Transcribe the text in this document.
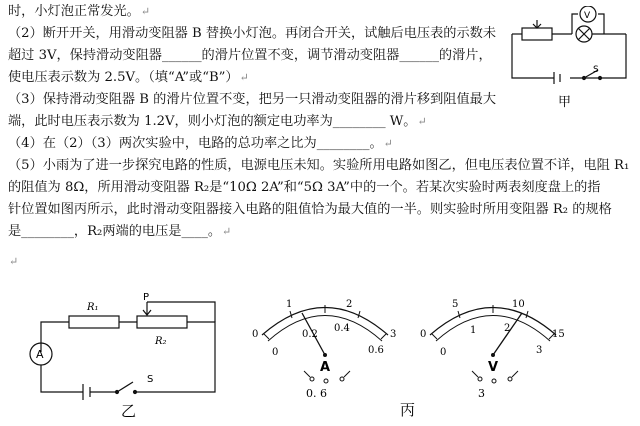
时，小灯泡正常发光。↵
（2）断开开关，用滑动变阻器 B 替换小灯泡。再闭合开关，试触后电压表的示数未
超过 3V，保持滑动变阻器______的滑片位置不变，调节滑动变阻器______的滑片，
使电压表示数为 2.5V。（填“A”或“B”）↵
（3）保持滑动变阻器 B 的滑片位置不变，把另一只滑动变阻器的滑片移到阻值最大
端，此时电压表示数为 1.2V，则小灯泡的额定电功率为________ W。↵
（4）在（2）（3）两次实验中，电路的总功率之比为________。↵
（5）小雨为了进一步探究电路的性质，电源电压未知。实验所用电路如图乙，但电压表位置不详，电阻 R₁
的阻值为 8Ω，所用滑动变阻器 R₂是“10Ω 2A”和“5Ω 3A”中的一个。若某次实验时两表刻度盘上的指
针位置如图丙所示，此时滑动变阻器接入电路的阻值恰为最大值的一半。则实验时所用变阻器 R₂ 的规格
是________，R₂两端的电压是____。↵
↵
V
S
甲
A
R₁
R₂
P
S
乙
0
1	2
3
0
0.2
0.4
0.6
A
0. 6
0
5	10
15
0
1	2
3
V
3
丙
